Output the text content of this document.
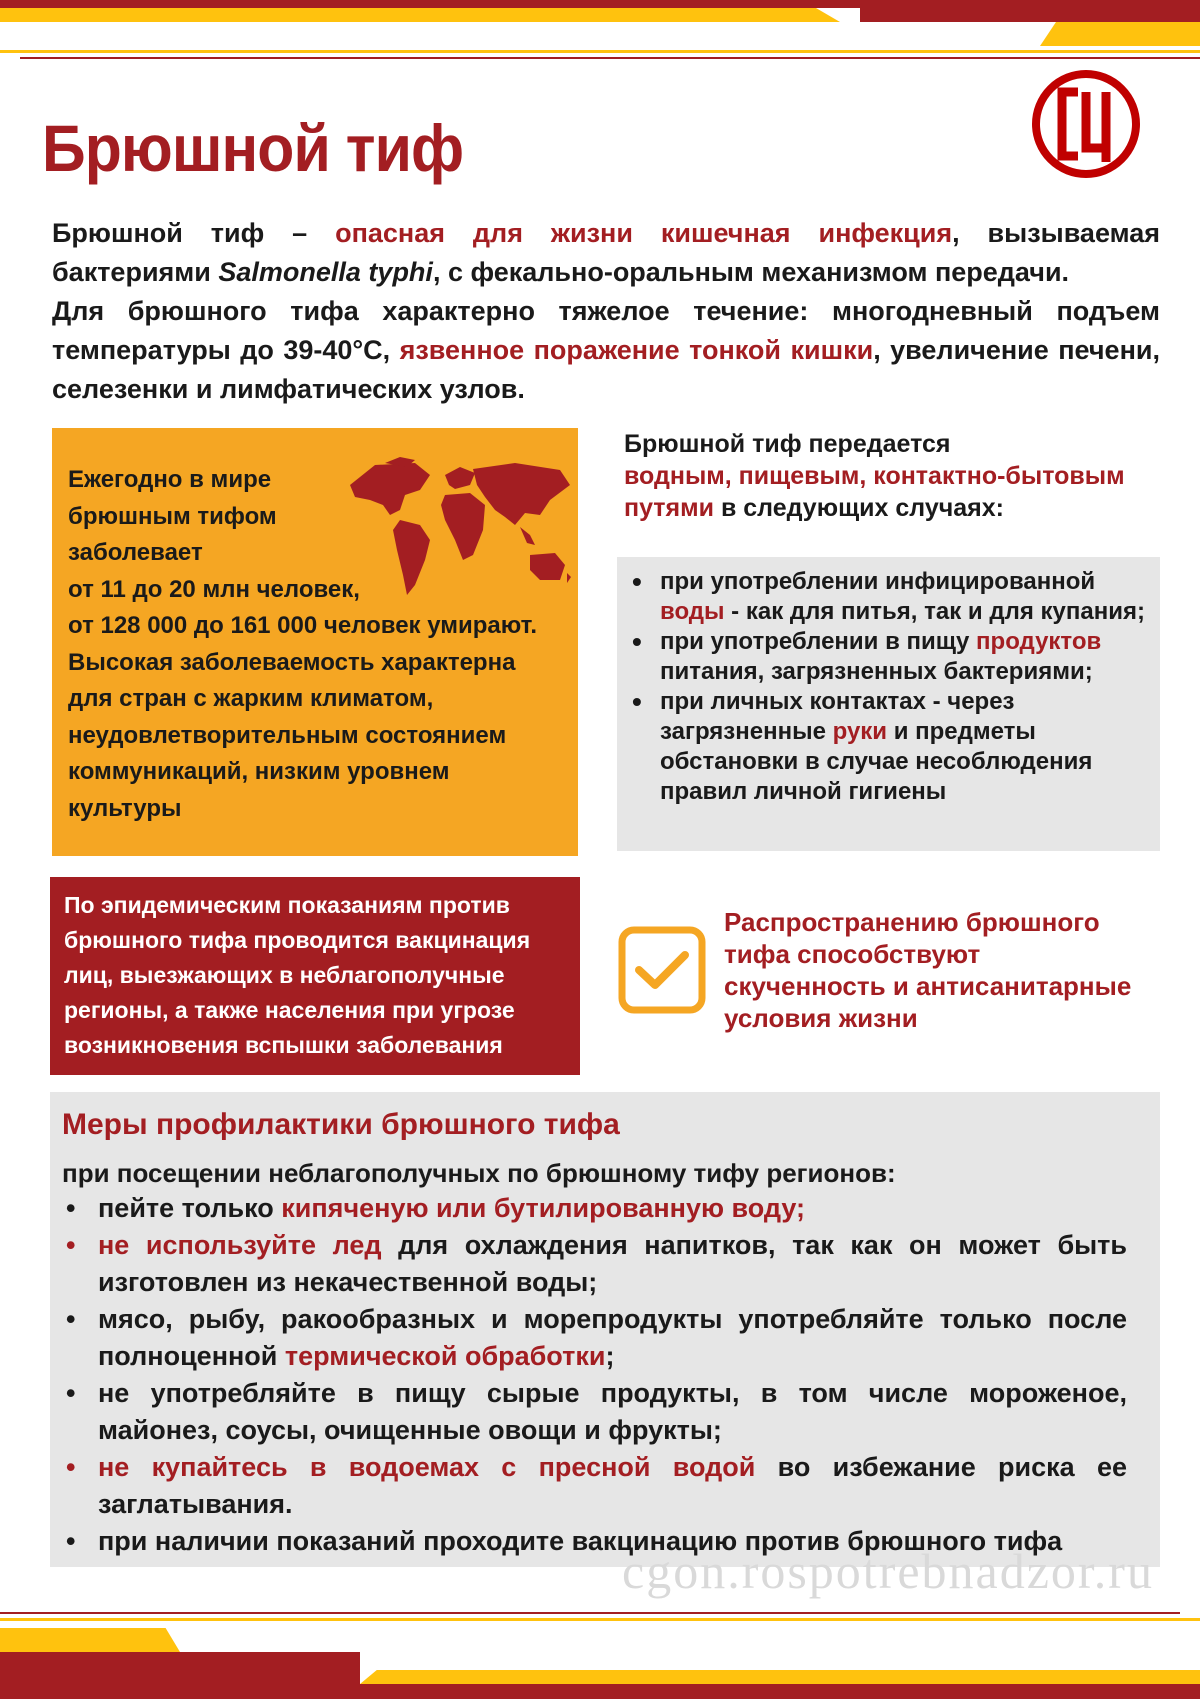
Брюшной тиф

Брюшной тиф – опасная для жизни кишечная инфекция, вызываемая бактериями Salmonella typhi, с фекально-оральным механизмом передачи.

Для брюшного тифа характерно тяжелое течение: многодневный подъем температуры до 39-40°С, язвенное поражение тонкой кишки, увеличение печени, селезенки и лимфатических узлов.

Ежегодно в мире
брюшным тифом
заболевает
от 11 до 20 млн человек,
от 128 000 до 161 000 человек умирают.
Высокая заболеваемость характерна
для стран с жарким климатом,
неудовлетворительным состоянием
коммуникаций, низким уровнем
культуры
Брюшной тиф передается
водным, пищевым, контактно-бытовым
путями в следующих случаях:
• при употреблении инфицированной воды - как для питья, так и для купания;
• при употреблении в пищу продуктов питания, загрязненных бактериями;
• при личных контактах - через загрязненные руки и предметы обстановки в случае несоблюдения правил личной гигиены
По эпидемическим показаниям против
брюшного тифа проводится вакцинация
лиц, выезжающих в неблагополучные
регионы, а также населения при угрозе
возникновения вспышки заболевания
Распространению брюшного
тифа способствуют
скученность и антисанитарные
условия жизни
Меры профилактики брюшного тифа
при посещении неблагополучных по брюшному тифу регионов:
• пейте только кипяченую или бутилированную воду;
• не используйте лед для охлаждения напитков, так как он может быть изготовлен из некачественной воды;
• мясо, рыбу, ракообразных и морепродукты употребляйте только после полноценной термической обработки;
• не употребляйте в пищу сырые продукты, в том числе мороженое, майонез, соусы, очищенные овощи и фрукты;
• не купайтесь в водоемах с пресной водой во избежание риска ее заглатывания.
• при наличии показаний проходите вакцинацию против брюшного тифа
cgon.rospotrebnadzor.ru
